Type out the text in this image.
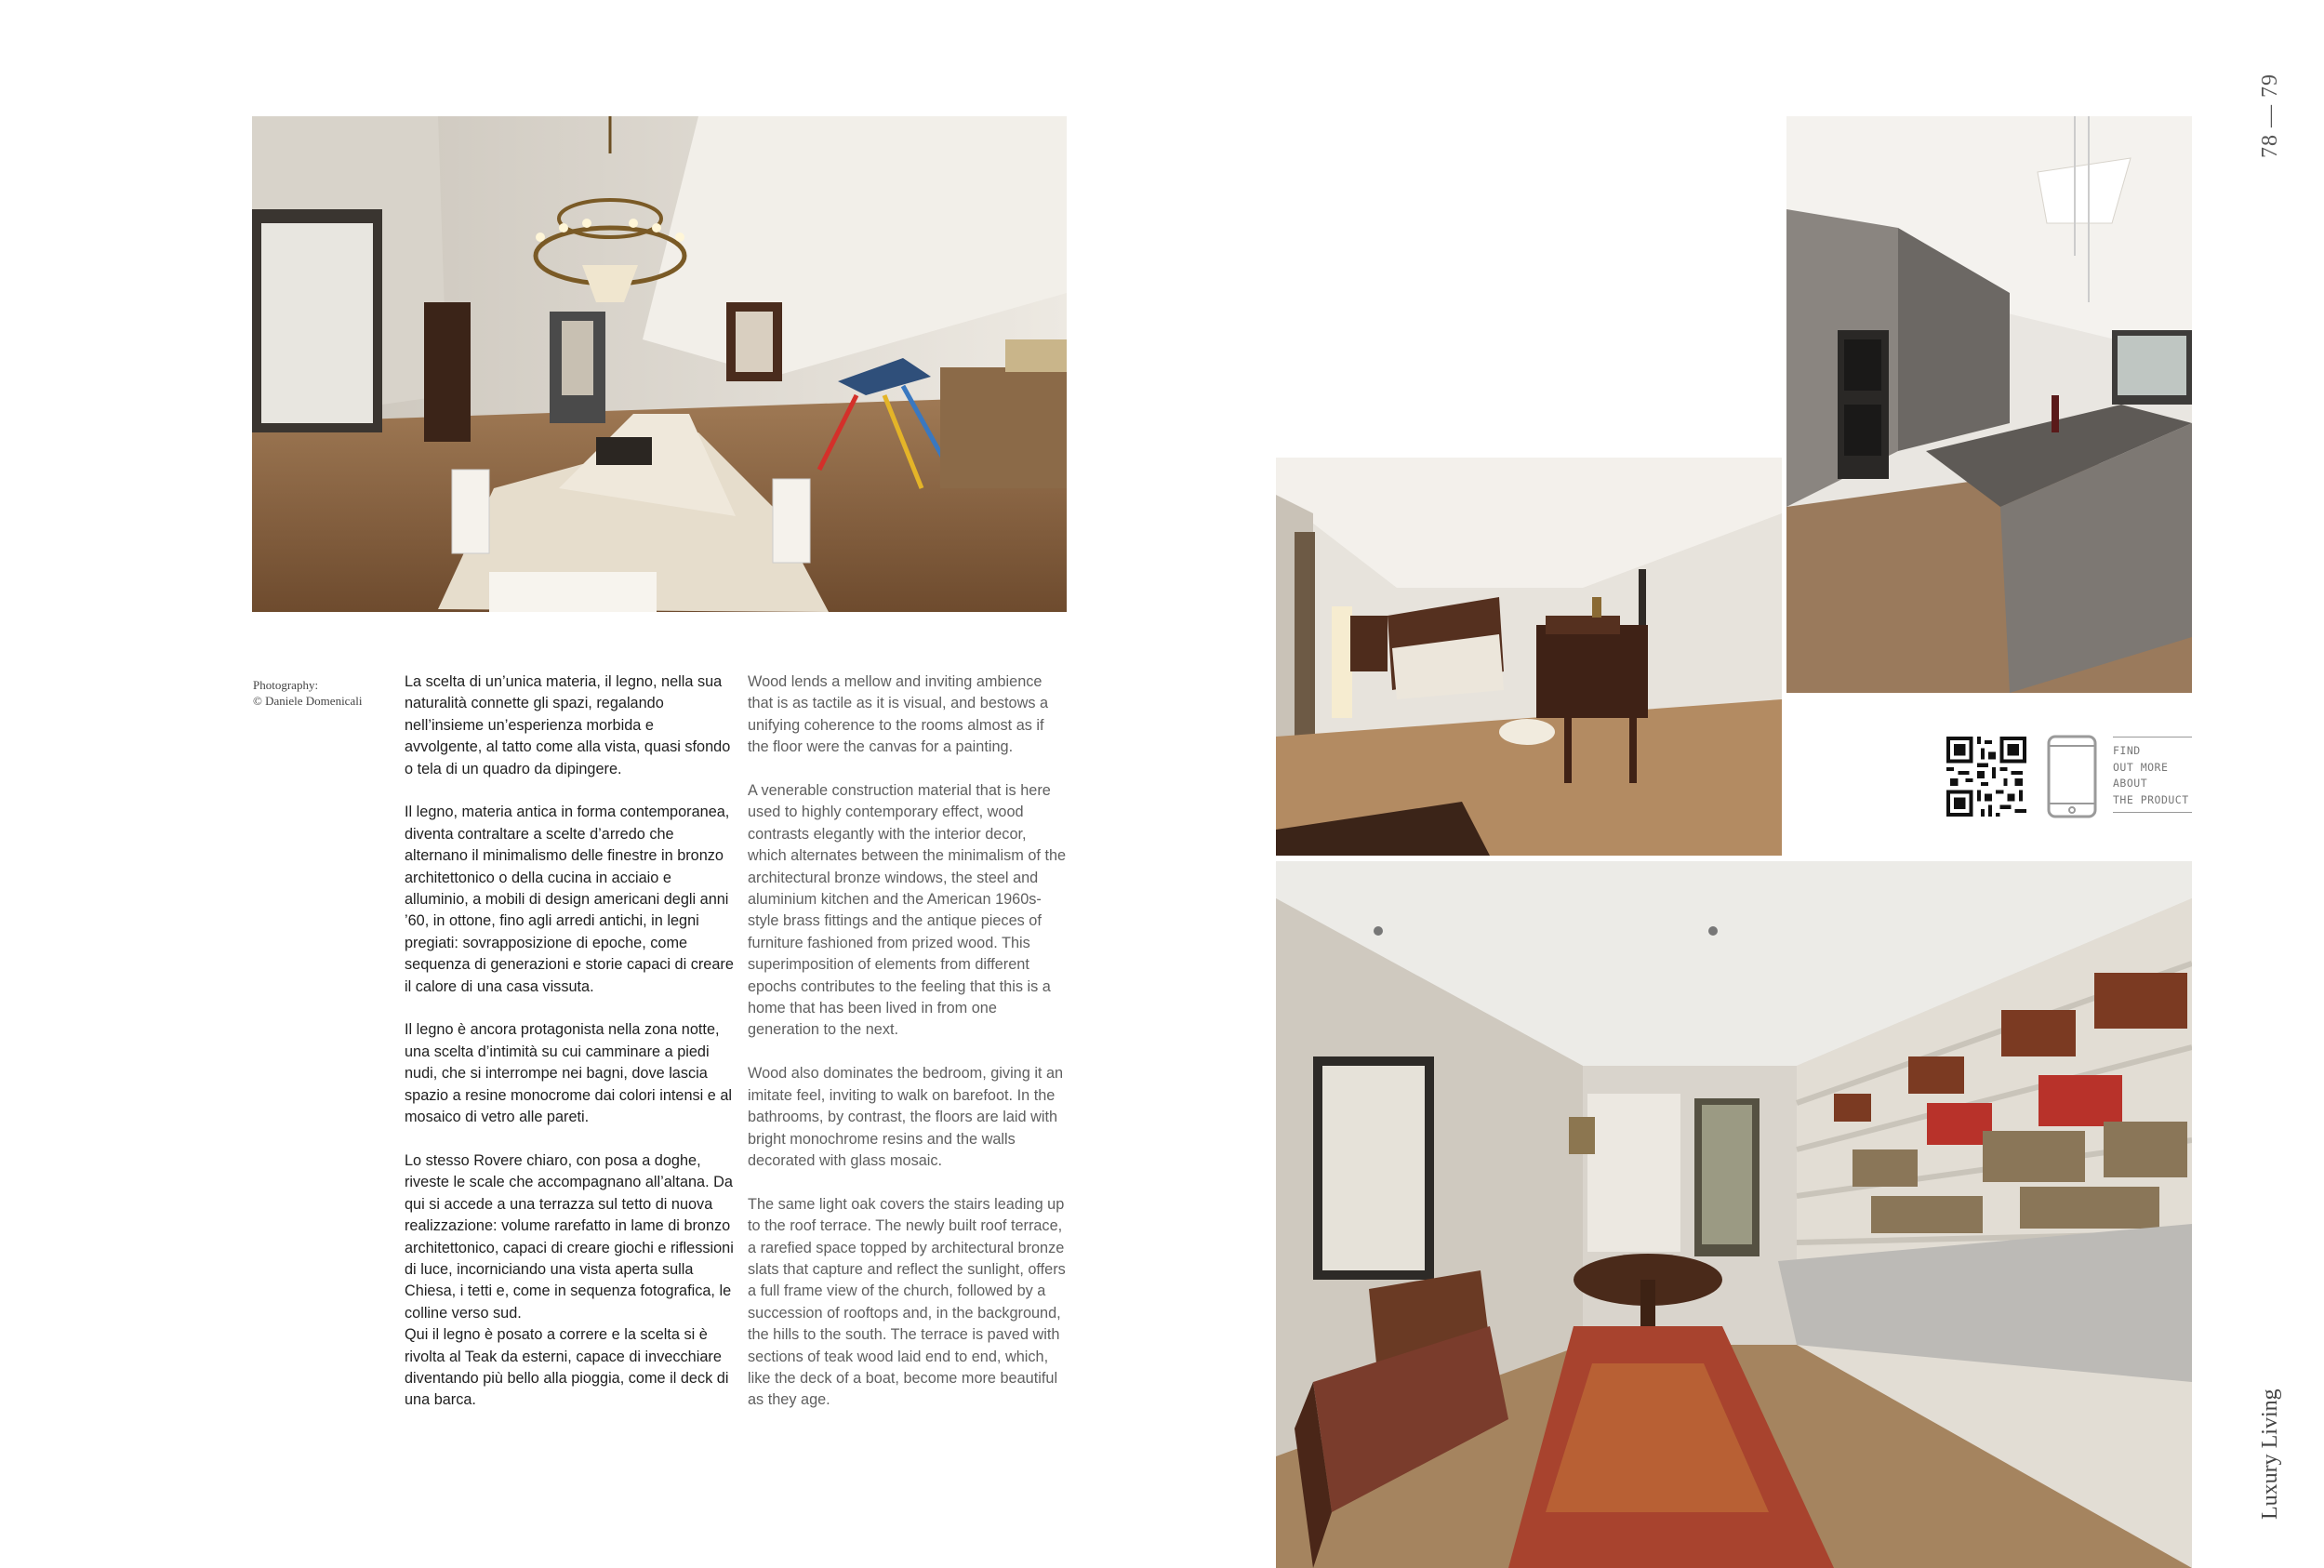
Photography:
© Daniele Domenicali

La scelta di un’unica materia, il legno, nella sua naturalità connette gli spazi, regalando nell’insieme un’esperienza morbida e avvolgente, al tatto come alla vista, quasi sfondo o tela di un quadro da dipingere.

Il legno, materia antica in forma contemporanea, diventa contraltare a scelte d’arredo che alternano il minimalismo delle finestre in bronzo architettonico o della cucina in acciaio e alluminio, a mobili di design americani degli anni ’60, in ottone, fino agli arredi antichi, in legni pregiati: sovrapposizione di epoche, come sequenza di generazioni e storie capaci di creare il calore di una casa vissuta.

Il legno è ancora protagonista nella zona notte, una scelta d’intimità su cui camminare a piedi nudi, che si interrompe nei bagni, dove lascia spazio a resine monocrome dai colori intensi e al mosaico di vetro alle pareti.

Lo stesso Rovere chiaro, con posa a doghe, riveste le scale che accompagnano all’altana. Da qui si accede a una terrazza sul tetto di nuova realizzazione: volume rarefatto in lame di bronzo architettonico, capaci di creare giochi e riflessioni di luce, incorniciando una vista aperta sulla Chiesa, i tetti e, come in sequenza fotografica, le colline verso sud.
Qui il legno è posato a correre e la scelta si è rivolta al Teak da esterni, capace di invecchiare diventando più bello alla pioggia, come il deck di una barca.

Wood lends a mellow and inviting ambience that is as tactile as it is visual, and bestows a unifying coherence to the rooms almost as if the floor were the canvas for a painting.

A venerable construction material that is here used to highly contemporary effect, wood contrasts elegantly with the interior decor, which alternates between the minimalism of the architectural bronze windows, the steel and aluminium kitchen and the American 1960s-style brass fittings and the antique pieces of furniture fashioned from prized wood. This superimposition of elements from different epochs contributes to the feeling that this is a home that has been lived in from one generation to the next.

Wood also dominates the bedroom, giving it an imitate feel, inviting to walk on barefoot. In the bathrooms, by contrast, the floors are laid with bright monochrome resins and the walls decorated with glass mosaic.

The same light oak covers the stairs leading up to the roof terrace. The newly built roof terrace, a rarefied space topped by architectural bronze slats that capture and reflect the sunlight, offers a full frame view of the church, followed by a succession of rooftops and, in the background, the hills to the south. The terrace is paved with sections of teak wood laid end to end, which, like the deck of a boat, become more beautiful as they age.

78 — 79
Luxury Living
FIND
OUT MORE
ABOUT
THE PRODUCT
